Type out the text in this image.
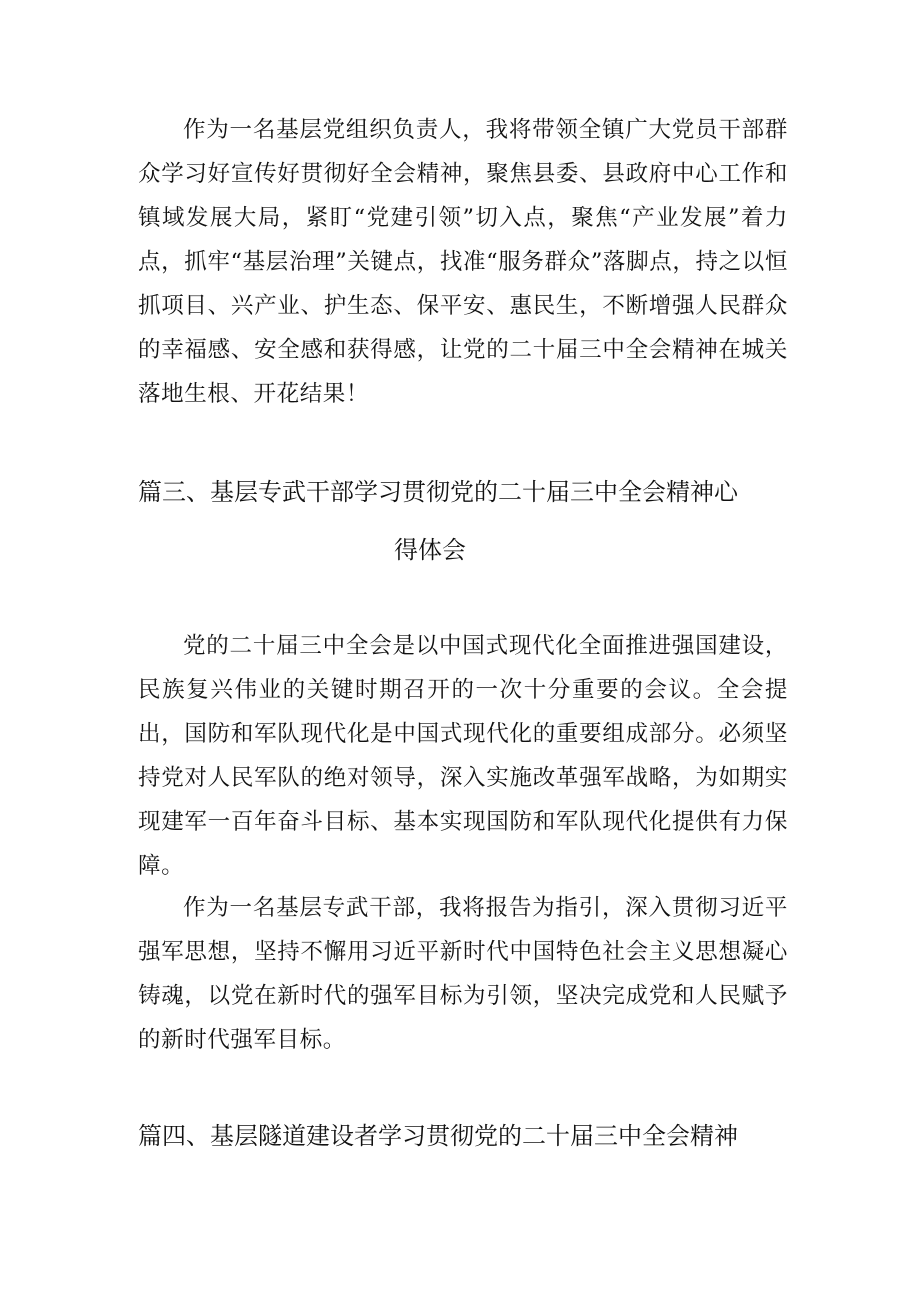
作为一名基层党组织负责人，我将带领全镇广大党员干部群众学习好宣传好贯彻好全会精神，聚焦县委、县政府中心工作和镇域发展大局，紧盯“党建引领”切入点，聚焦“产业发展”着力点，抓牢“基层治理”关键点，找准“服务群众”落脚点，持之以恒抓项目、兴产业、护生态、保平安、惠民生，不断增强人民群众的幸福感、安全感和获得感，让党的二十届三中全会精神在城关落地生根、开花结果！

篇三、基层专武干部学习贯彻党的二十届三中全会精神心
得体会

党的二十届三中全会是以中国式现代化全面推进强国建设，民族复兴伟业的关键时期召开的一次十分重要的会议。全会提出，国防和军队现代化是中国式现代化的重要组成部分。必须坚持党对人民军队的绝对领导，深入实施改革强军战略，为如期实现建军一百年奋斗目标、基本实现国防和军队现代化提供有力保障。

作为一名基层专武干部，我将报告为指引，深入贯彻习近平强军思想，坚持不懈用习近平新时代中国特色社会主义思想凝心铸魂，以党在新时代的强军目标为引领，坚决完成党和人民赋予的新时代强军目标。

篇四、基层隧道建设者学习贯彻党的二十届三中全会精神
